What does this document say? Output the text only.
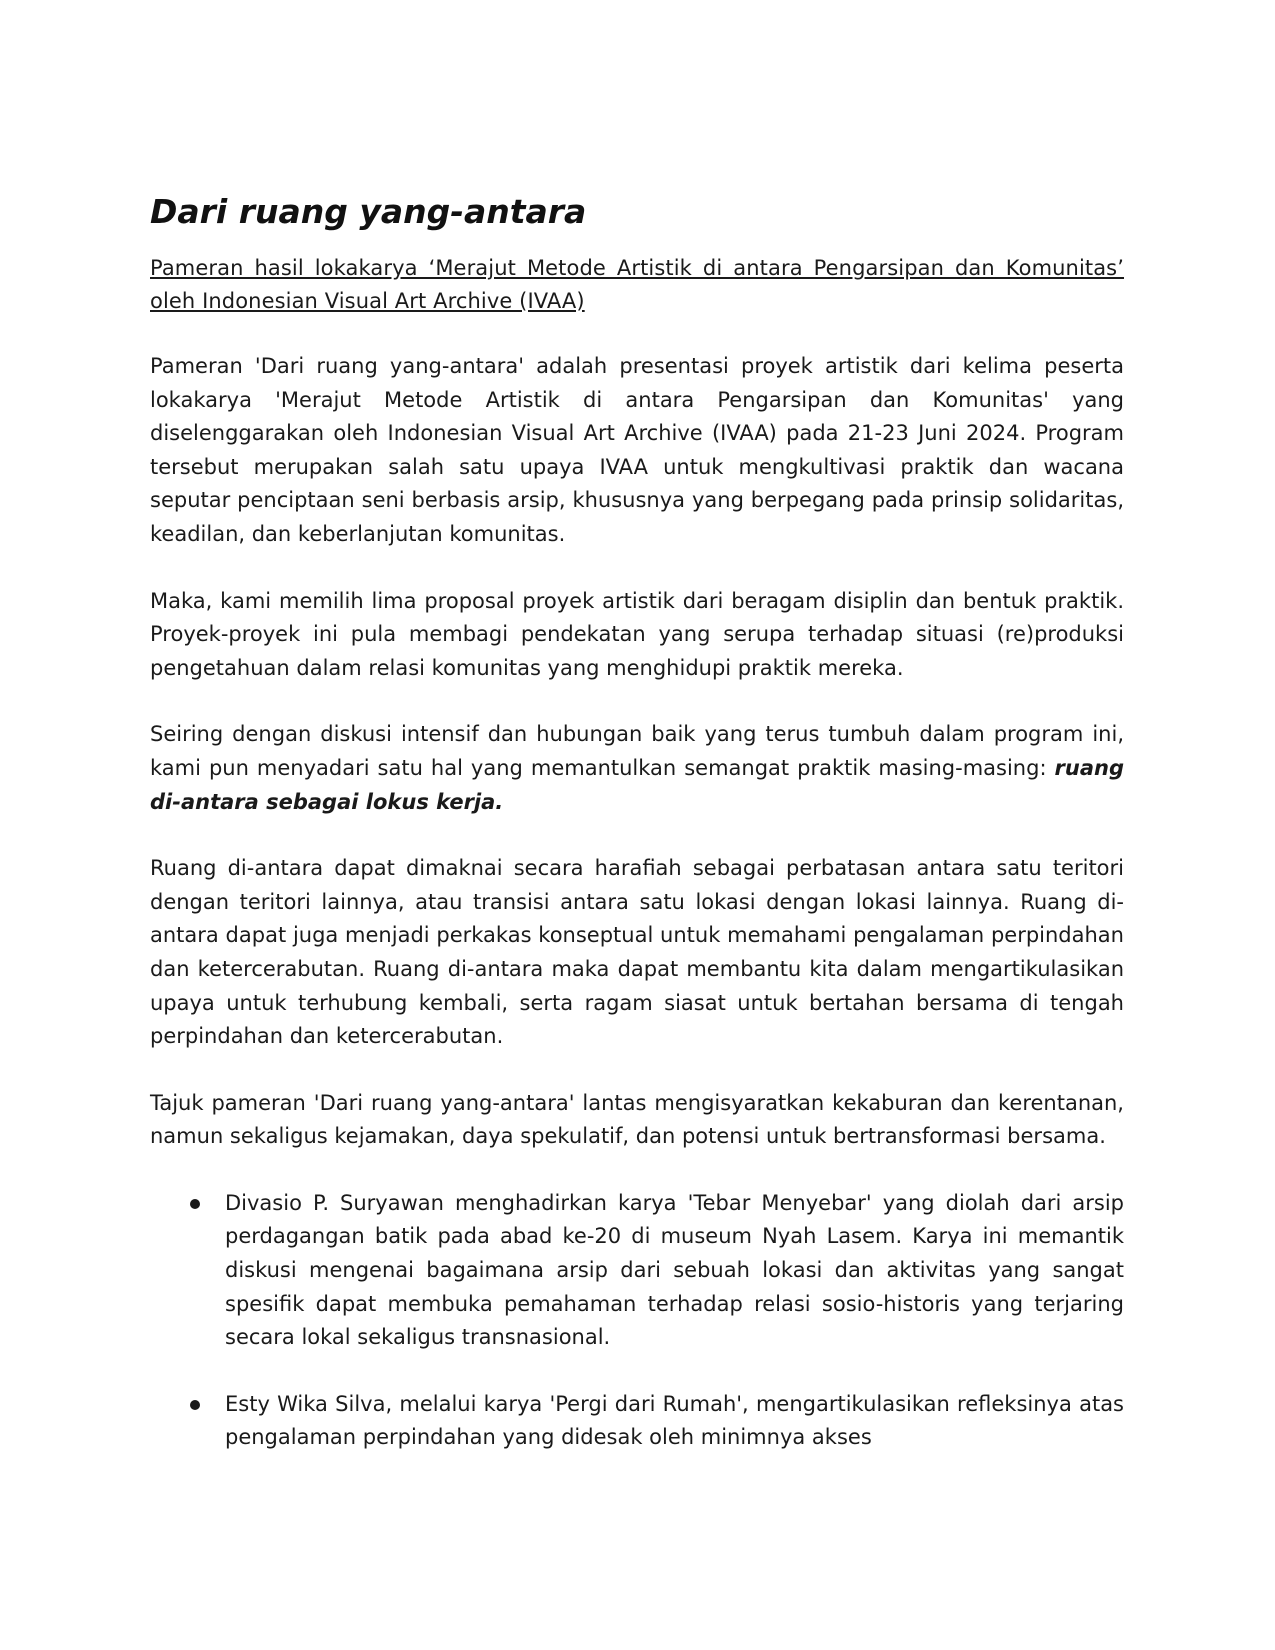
Dari ruang yang-antara
Pameran hasil lokakarya ‘Merajut Metode Artistik di antara Pengarsipan dan Komunitas’ oleh Indonesian Visual Art Archive (IVAA)

Pameran 'Dari ruang yang-antara' adalah presentasi proyek artistik dari kelima peserta lokakarya 'Merajut Metode Artistik di antara Pengarsipan dan Komunitas' yang diselenggarakan oleh Indonesian Visual Art Archive (IVAA) pada 21-23 Juni 2024. Program tersebut merupakan salah satu upaya IVAA untuk mengkultivasi praktik dan wacana seputar penciptaan seni berbasis arsip, khususnya yang berpegang pada prinsip solidaritas, keadilan, dan keberlanjutan komunitas.

Maka, kami memilih lima proposal proyek artistik dari beragam disiplin dan bentuk praktik. Proyek-proyek ini pula membagi pendekatan yang serupa terhadap situasi (re)produksi pengetahuan dalam relasi komunitas yang menghidupi praktik mereka.

Seiring dengan diskusi intensif dan hubungan baik yang terus tumbuh dalam program ini, kami pun menyadari satu hal yang memantulkan semangat praktik masing-masing: ruang di-antara sebagai lokus kerja.

Ruang di-antara dapat dimaknai secara harafiah sebagai perbatasan antara satu teritori dengan teritori lainnya, atau transisi antara satu lokasi dengan lokasi lainnya. Ruang di-antara dapat juga menjadi perkakas konseptual untuk memahami pengalaman perpindahan dan ketercerabutan. Ruang di-antara maka dapat membantu kita dalam mengartikulasikan upaya untuk terhubung kembali, serta ragam siasat untuk bertahan bersama di tengah perpindahan dan ketercerabutan.

Tajuk pameran 'Dari ruang yang-antara' lantas mengisyaratkan kekaburan dan kerentanan, namun sekaligus kejamakan, daya spekulatif, dan potensi untuk bertransformasi bersama.

Divasio P. Suryawan menghadirkan karya 'Tebar Menyebar' yang diolah dari arsip perdagangan batik pada abad ke-20 di museum Nyah Lasem. Karya ini memantik diskusi mengenai bagaimana arsip dari sebuah lokasi dan aktivitas yang sangat spesifik dapat membuka pemahaman terhadap relasi sosio-historis yang terjaring secara lokal sekaligus transnasional.
Esty Wika Silva, melalui karya 'Pergi dari Rumah', mengartikulasikan refleksinya atas pengalaman perpindahan yang didesak oleh minimnya akses
